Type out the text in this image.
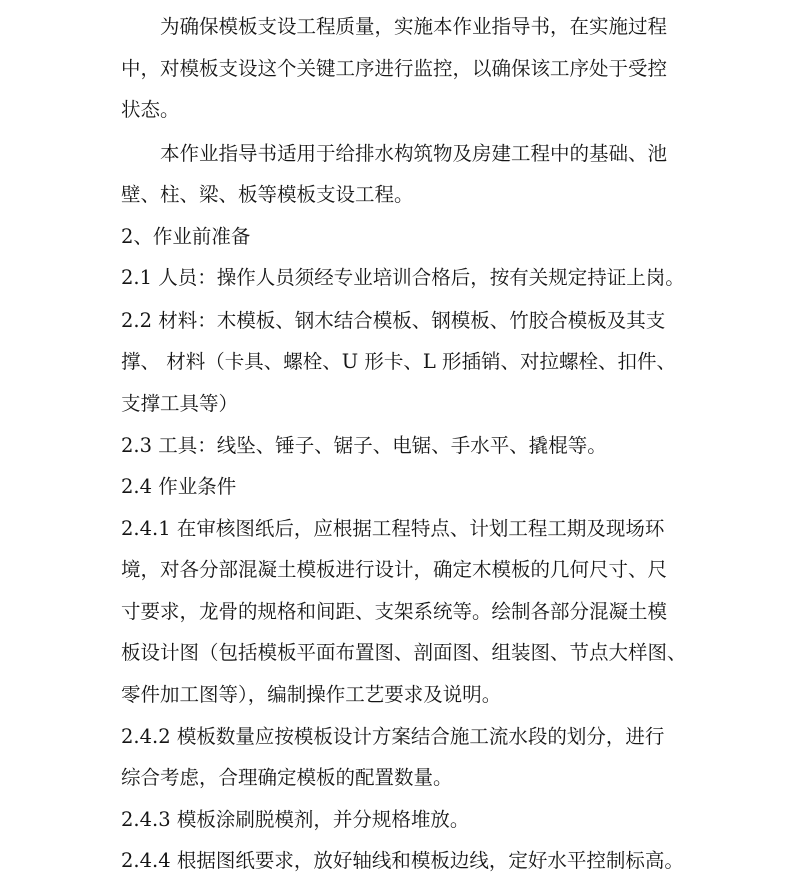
为确保模板支设工程质量，实施本作业指导书，在实施过程
中，对模板支设这个关键工序进行监控，以确保该工序处于受控
状态。
本作业指导书适用于给排水构筑物及房建工程中的基础、池
壁、柱、梁、板等模板支设工程。
2、作业前准备
2.1 人员：操作人员须经专业培训合格后，按有关规定持证上岗。
2.2 材料：木模板、钢木结合模板、钢模板、竹胶合模板及其支
撑、 材料（卡具、螺栓、U 形卡、L 形插销、对拉螺栓、扣件、
支撑工具等）
2.3 工具：线坠、锤子、锯子、电锯、手水平、撬棍等。
2.4 作业条件
2.4.1 在审核图纸后，应根据工程特点、计划工程工期及现场环
境，对各分部混凝土模板进行设计，确定木模板的几何尺寸、尺
寸要求，龙骨的规格和间距、支架系统等。绘制各部分混凝土模
板设计图（包括模板平面布置图、剖面图、组装图、节点大样图、
零件加工图等），编制操作工艺要求及说明。
2.4.2 模板数量应按模板设计方案结合施工流水段的划分，进行
综合考虑，合理确定模板的配置数量。
2.4.3 模板涂刷脱模剂，并分规格堆放。
2.4.4 根据图纸要求，放好轴线和模板边线，定好水平控制标高。
